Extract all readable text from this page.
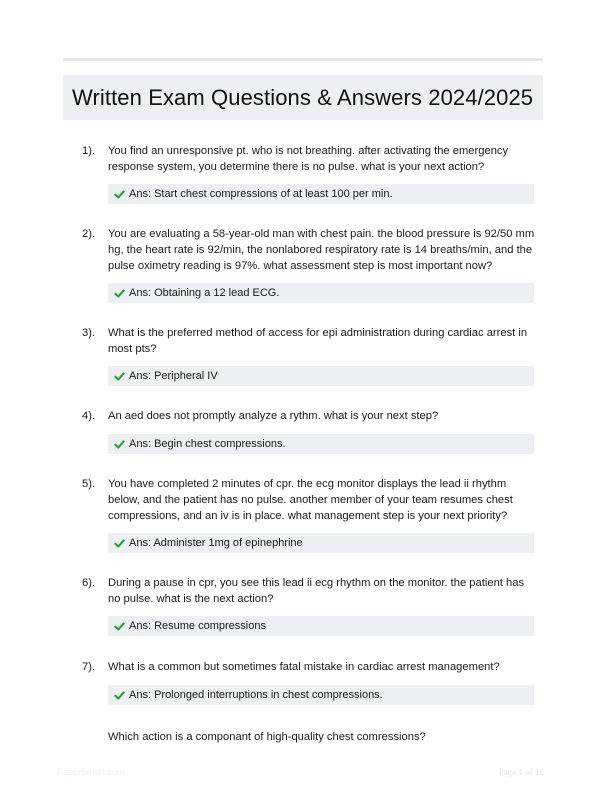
Written Exam Questions & Answers 2024/2025
1). You find an unresponsive pt. who is not breathing. after activating the emergency response system, you determine there is no pulse. what is your next action?
Ans: Start chest compressions of at least 100 per min.
2). You are evaluating a 58-year-old man with chest pain. the blood pressure is 92/50 mm hg, the heart rate is 92/min, the nonlabored respiratory rate is 14 breaths/min, and the pulse oximetry reading is 97%. what assessment step is most important now?
Ans: Obtaining a 12 lead ECG.
3). What is the preferred method of access for epi administration during cardiac arrest in most pts?
Ans: Peripheral IV
4). An aed does not promptly analyze a rythm. what is your next step?
Ans: Begin chest compressions.
5). You have completed 2 minutes of cpr. the ecg monitor displays the lead ii rhythm below, and the patient has no pulse. another member of your team resumes chest compressions, and an iv is in place. what management step is your next priority?
Ans: Administer 1mg of epinephrine
6). During a pause in cpr, you see this lead ii ecg rhythm on the monitor. the patient has no pulse. what is the next action?
Ans: Resume compressions
7). What is a common but sometimes fatal mistake in cardiac arrest management?
Ans: Prolonged interruptions in chest compressions.
Which action is a componant of high-quality chest comressions?
PaperSmart.com	Page 1 of 18
